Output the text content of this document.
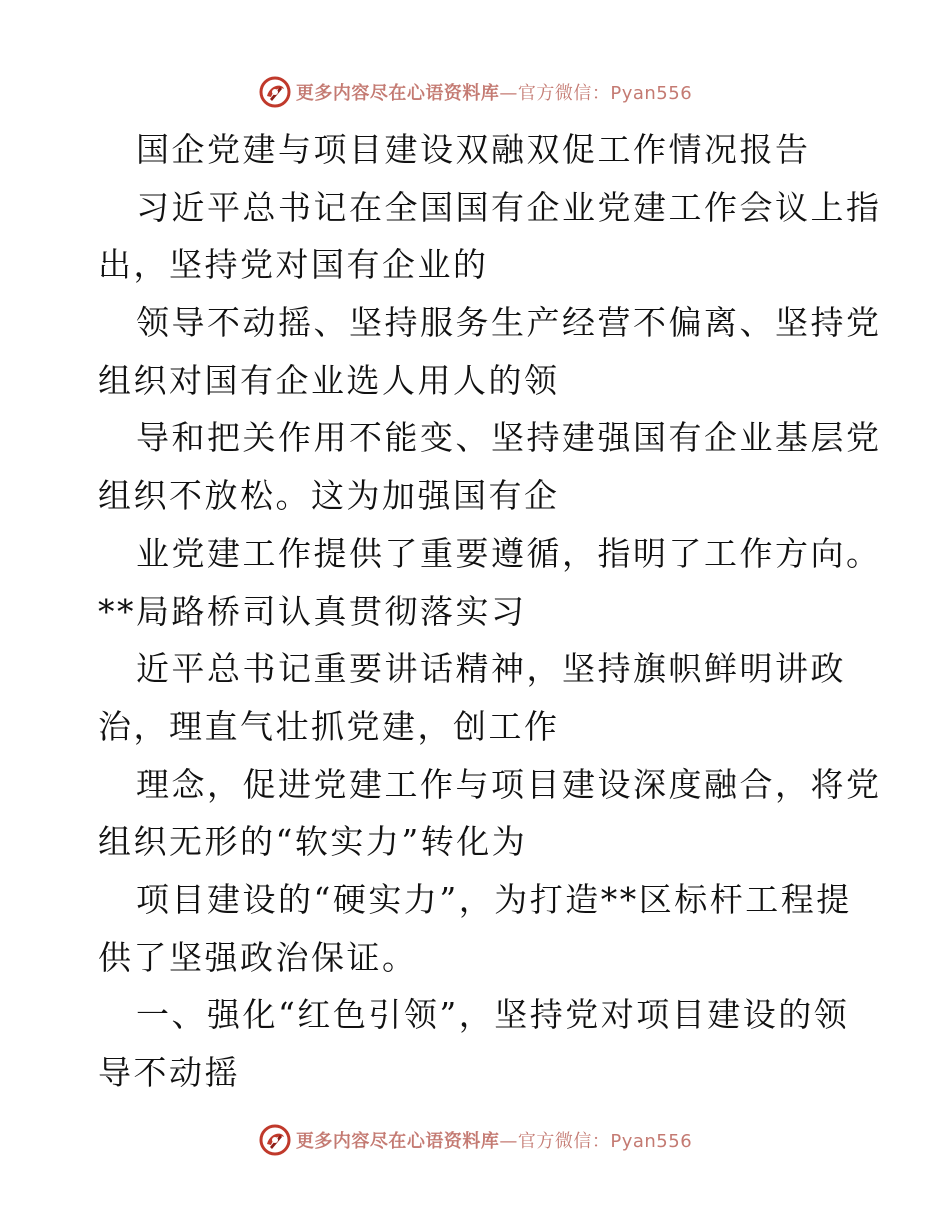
更多内容尽在心语资料库 —官方微信：Pyan556
国企党建与项目建设双融双促工作情况报告
习近平总书记在全国国有企业党建工作会议上指
出，坚持党对国有企业的
领导不动摇、坚持服务生产经营不偏离、坚持党
组织对国有企业选人用人的领
导和把关作用不能变、坚持建强国有企业基层党
组织不放松。这为加强国有企
业党建工作提供了重要遵循，指明了工作方向。
**局路桥司认真贯彻落实习
近平总书记重要讲话精神，坚持旗帜鲜明讲政
治，理直气壮抓党建，创工作
理念，促进党建工作与项目建设深度融合，将党
组织无形的“软实力”转化为
项目建设的“硬实力”，为打造**区标杆工程提
供了坚强政治保证。
一、强化“红色引领”，坚持党对项目建设的领
导不动摇
更多内容尽在心语资料库 —官方微信：Pyan556
